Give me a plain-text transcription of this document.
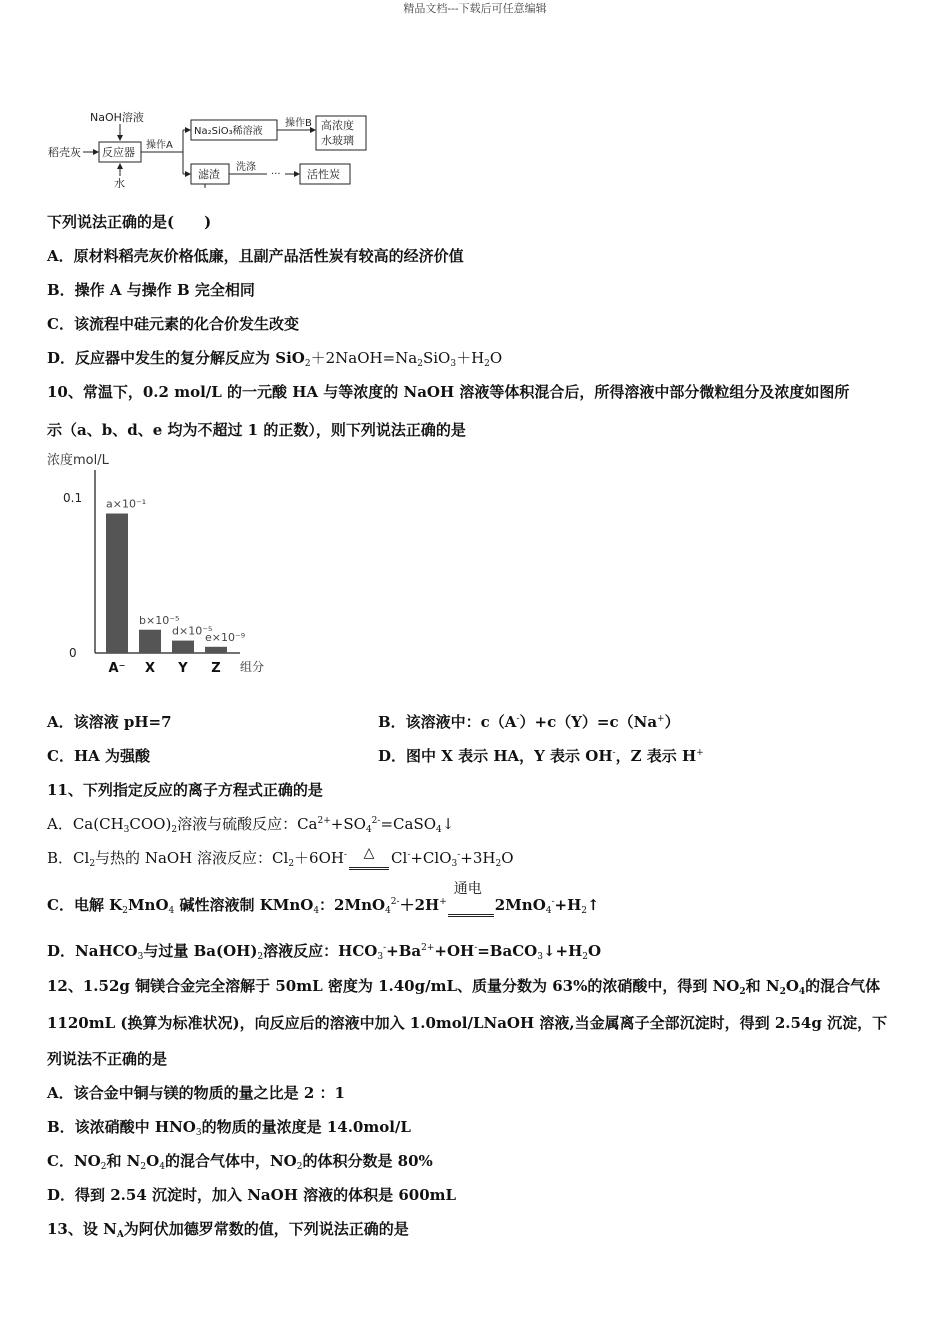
精品文档---下载后可任意编辑
NaOH溶液
稻壳灰 反应器
水
操作A
Na₂SiO₃稀溶液
操作B 高浓度
水玻璃
滤渣
洗涤
··· 活性炭
下列说法正确的是(　　)
A．原材料稻壳灰价格低廉，且副产品活性炭有较高的经济价值
B．操作 A 与操作 B 完全相同
C．该流程中硅元素的化合价发生改变
D．反应器中发生的复分解反应为 $SiO_2+2NaOH=Na_2SiO_3+H_2O$
10、常温下，0.2 mol/L 的一元酸 HA 与等浓度的 NaOH 溶液等体积混合后，所得溶液中部分微粒组分及浓度如图所
示（a、b、d、e 均为不超过 1 的正数），则下列说法正确的是
浓度mol/L
0.1
0
组分
a×10⁻¹
A⁻
b×10⁻⁵
X
d×10⁻⁵
Y
e×10⁻⁹
Z
A．该溶液 pH=7	B．该溶液中：c（A-）+c（Y）=c（Na+）
C．HA 为强酸	D．图中 X 表示 HA，Y 表示 OH-，Z 表示 H+
11、下列指定反应的离子方程式正确的是
A．$Ca(CH_3COO)_2$溶液与硫酸反应：$Ca^{2+}+SO_4^{2-}=CaSO_4↓$
B．$Cl_2$与热的 NaOH 溶液反应：$Cl_2+6OH^-$ △ $Cl^-+ClO_3^-+3H_2O$
C．电解 $K_2MnO_4$ 碱性溶液制 KMnO$_4$：2MnO$_4^{2-}$＋2H+
通电
$2MnO_4^-+H_2↑$
D．NaHCO$_3$与过量 $Ba(OH)_2$溶液反应：$HCO_3^-+Ba^{2+}+OH^-=BaCO_3↓+H_2O$
12、1.52g 铜镁合金完全溶解于 50mL 密度为 1.40g/mL、质量分数为 63%的浓硝酸中，得到 $NO_2$和 $N_2O_4$的混合气体
1120mL (换算为标准状况)，向反应后的溶液中加入 1.0mol/LNaOH 溶液,当金属离子全部沉淀时，得到 2.54g 沉淀，下
列说法不正确的是
A．该合金中铜与镁的物质的量之比是 2 ：1
B．该浓硝酸中 $HNO_3$的物质的量浓度是 14.0mol/L
C．$NO_2$和 $N_2O_4$的混合气体中，$NO_2$的体积分数是 80%
D．得到 2.54 沉淀时，加入 NaOH 溶液的体积是 600mL
13、设 $N_A$为阿伏加德罗常数的值，下列说法正确的是
